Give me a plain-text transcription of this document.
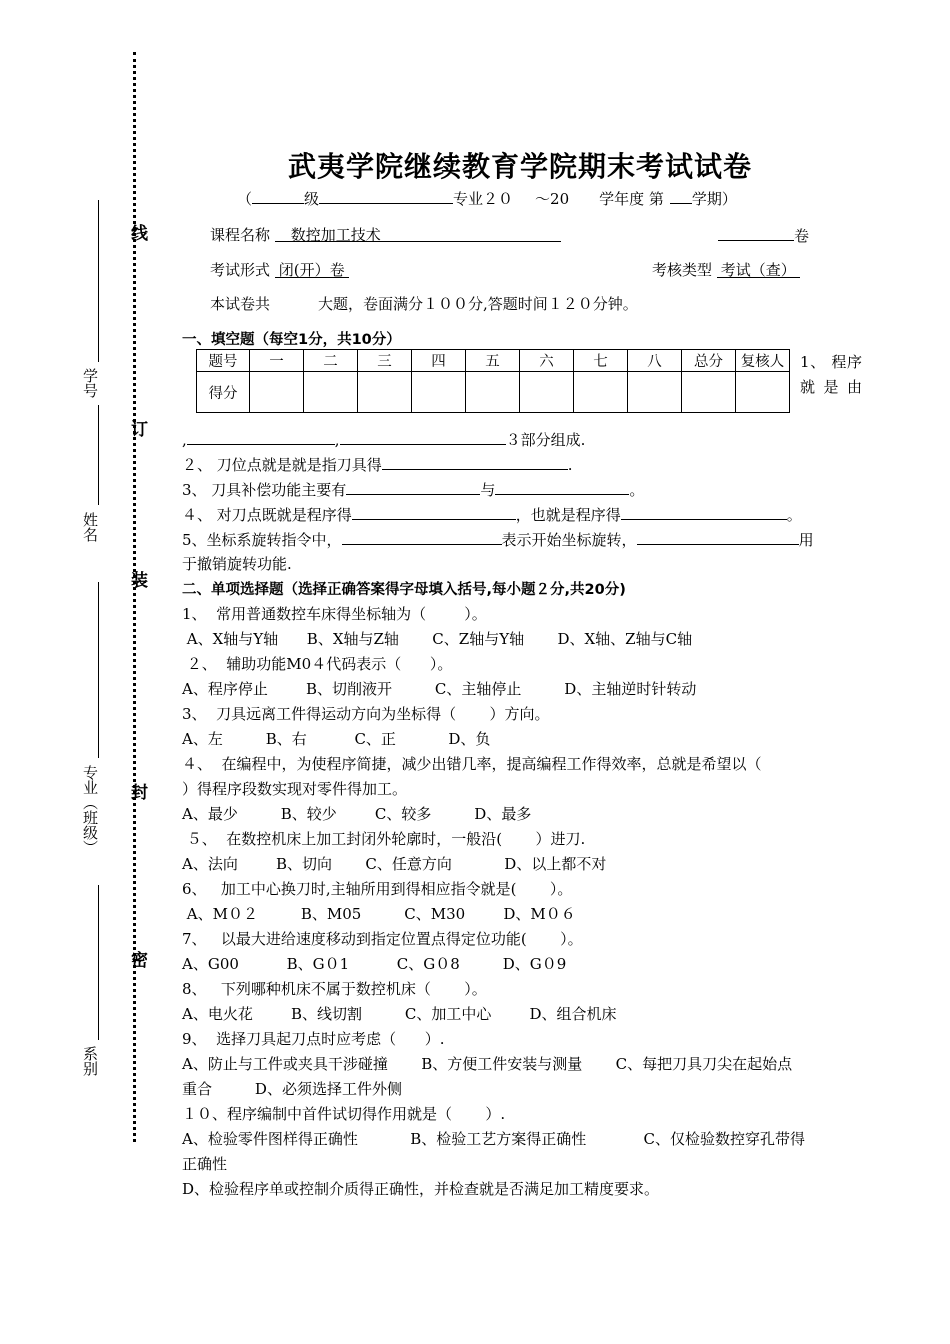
线
订
装
封
密
学号
姓名
专业（班级）
系别
武夷学院继续教育学院期末考试试卷
（	级	专业２０ ～20 学年度 第 学期）
课程名称 数控加工技术	卷
考试形式 闭(开）卷	考核类型 考试（查）
本试卷共	大题，卷面满分１００分,答题时间１２０分钟。
一、填空题（每空1分，共10分）
题号	一	二	三	四	五	六	七	八	总分	复核人
得分										
1、 程序就是由
,	,	３部分组成.
２、 刀位点就是就是指刀具得	.
3、 刀具补偿功能主要有	与	。
４、 对刀点既就是程序得	，也就是程序得	。
5、坐标系旋转指令中，	表示开始坐标旋转，	用
于撤销旋转功能.
二、单项选择题（选择正确答案得字母填入括号,每小题２分,共20分)
1、  常用普通数控车床得坐标轴为（        ）。
A、X轴与Y轴      B、X轴与Z轴       C、Z轴与Y轴       D、X轴、Z轴与C轴
２、  辅助功能M0４代码表示（      ）。
A、程序停止        B、切削液开         C、主轴停止         D、主轴逆时针转动
3、  刀具远离工件得运动方向为坐标得（       ）方向。
A、左         B、右          C、正           D、负
４、  在编程中，为使程序简捷，减少出错几率，提高编程工作得效率，总就是希望以（
）得程序段数实现对零件得加工。
A、最少         B、较少        C、较多         D、最多
５、  在数控机床上加工封闭外轮廓时，一般沿(       ）进刀.
A、法向        B、切向       C、任意方向           D、以上都不对
6、   加工中心换刀时,主轴所用到得相应指令就是(       ）。
A、M０２         B、M05         C、M30        D、M０６
7、   以最大进给速度移动到指定位置点得定位功能(       ）。
A、G00          B、G０1          C、G０8         D、G０9
8、   下列哪种机床不属于数控机床（       ）。
A、电火花        B、线切割         C、加工中心        D、组合机床
9、  选择刀具起刀点时应考虑（      ）.
A、防止与工件或夹具干涉碰撞       B、方便工件安装与测量       C、每把刀具刀尖在起始点
重合         D、必须选择工件外侧
１０、程序编制中首件试切得作用就是（       ）.
A、检验零件图样得正确性           B、检验工艺方案得正确性            C、仅检验数控穿孔带得
正确性
D、检验程序单或控制介质得正确性，并检查就是否满足加工精度要求。
